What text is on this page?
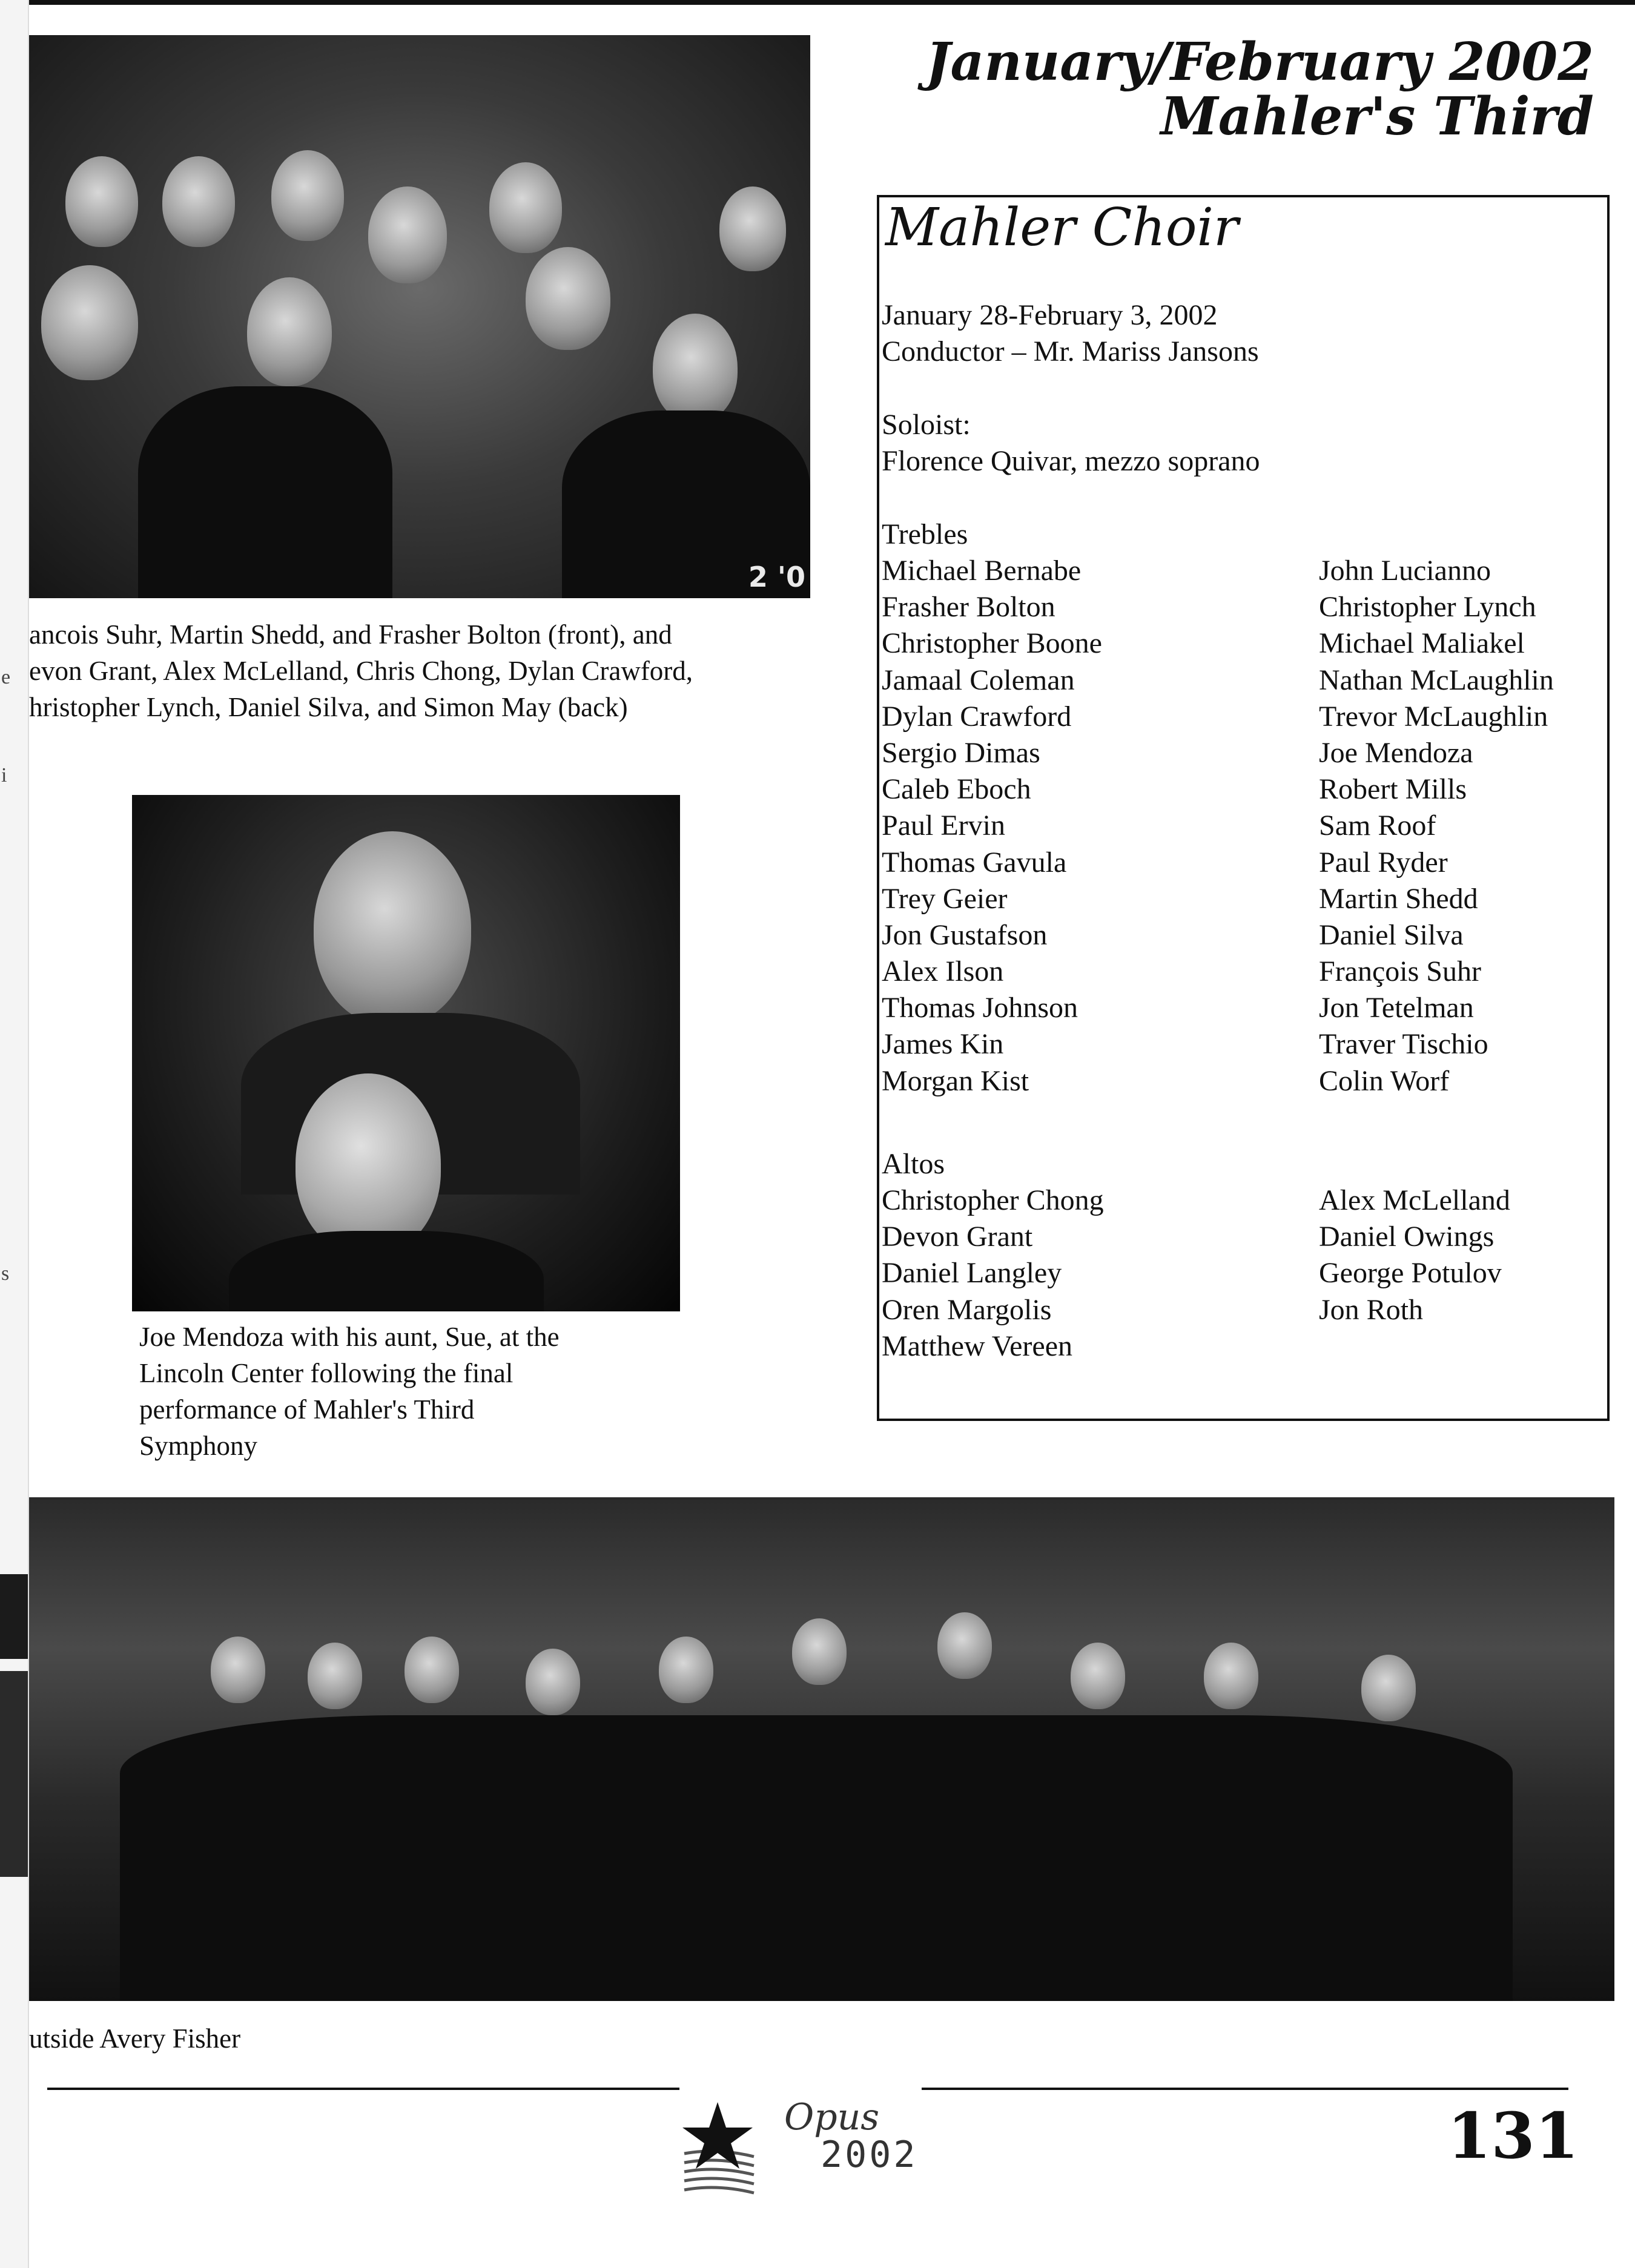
e
i
s
2 '0
ancois Suhr, Martin Shedd, and Frasher Bolton (front), and
evon Grant, Alex McLelland, Chris Chong, Dylan Crawford,
hristopher Lynch, Daniel Silva, and Simon May (back)
Joe Mendoza with his aunt, Sue, at the
Lincoln Center following the final
performance of Mahler's Third
Symphony
January/February 2002
Mahler's Third
Mahler Choir
January 28-February 3, 2002
Conductor – Mr. Mariss Jansons
Soloist:
Florence Quivar, mezzo soprano
Trebles
Michael Bernabe
Frasher Bolton
Christopher Boone
Jamaal Coleman
Dylan Crawford
Sergio Dimas
Caleb Eboch
Paul Ervin
Thomas Gavula
Trey Geier
Jon Gustafson
Alex Ilson
Thomas Johnson
James Kin
Morgan Kist
John Lucianno
Christopher Lynch
Michael Maliakel
Nathan McLaughlin
Trevor McLaughlin
Joe Mendoza
Robert Mills
Sam Roof
Paul Ryder
Martin Shedd
Daniel Silva
François Suhr
Jon Tetelman
Traver Tischio
Colin Worf
Altos
Christopher Chong
Devon Grant
Daniel Langley
Oren Margolis
Matthew Vereen
Alex McLelland
Daniel Owings
George Potulov
Jon Roth
utside Avery Fisher
Opus
2002	131
